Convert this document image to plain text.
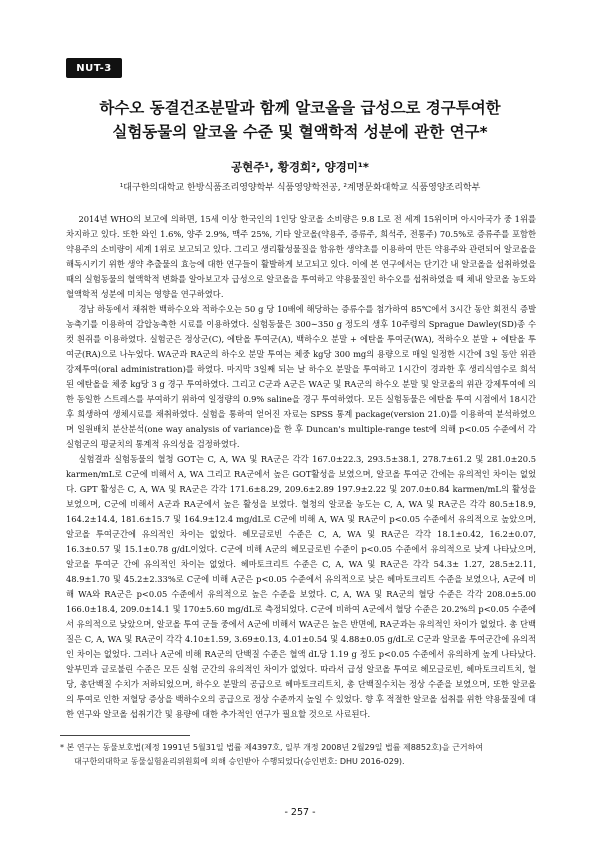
NUT-3
하수오 동결건조분말과 함께 알코올을 급성으로 경구투여한
실험동물의 알코올 수준 및 혈액학적 성분에 관한 연구*
공현주¹, 황경희², 양경미¹*
¹대구한의대학교 한방식품조리영양학부 식품영양학전공, ²계명문화대학교 식품영양조리학부

2014년 WHO의 보고에 의하면, 15세 이상 한국인의 1인당 알코올 소비량은 9.8 L로 전 세계 15위이며 아시아국가 중 1위를 차지하고 있다. 또한 와인 1.6%, 양주 2.9%, 맥주 25%, 기타 알코올(약용주, 증류주, 희석주, 전통주) 70.5%로 증류주를 포함한 약용주의 소비량이 세계 1위로 보고되고 있다. 그리고 생리활성물질을 함유한 생약초를 이용하여 만든 약용주와 관련되어 알코올을 해독시키기 위한 생약 추출물의 효능에 대한 연구들이 활발하게 보고되고 있다. 이에 본 연구에서는 단기간 내 알코올을 섭취하였을 때의 실험동물의 혈액학적 변화를 알아보고자 급성으로 알코올을 투여하고 약용물질인 하수오를 섭취하였을 때 체내 알코올 농도와 혈액학적 성분에 미치는 영향을 연구하였다.

경남 하동에서 채취한 백하수오와 적하수오는 50 g 당 10배에 해당하는 증류수를 첨가하여 85℃에서 3시간 동안 회전식 증발농축기를 이용하여 감압농축한 시료를 이용하였다. 실험동물은 300∼350 g 정도의 생후 10주령의 Sprague Dawley(SD)종 수컷 흰쥐를 이용하였다. 실험군은 정상군(C), 에탄올 투여군(A), 백하수오 분말 + 에탄올 투여군(WA), 적하수오 분말 + 에탄올 투여군(RA)으로 나누었다. WA군과 RA군의 하수오 분말 투여는 체중 kg당 300 mg의 용량으로 매일 일정한 시간에 3일 동안 위관 강제투여(oral administration)를 하였다. 마지막 3일째 되는 날 하수오 분말을 투여하고 1시간이 경과한 후 생리식염수로 희석된 에탄올을 체중 kg당 3 g 경구 투여하였다. 그리고 C군과 A군은 WA군 및 RA군의 하수오 분말 및 알코올의 위관 강제투여에 의한 동일한 스트레스를 부여하기 위하여 일정량의 0.9% saline을 경구 투여하였다. 모든 실험동물은 에탄올 투여 시점에서 18시간 후 희생하여 생체시료를 채취하였다. 실험을 통하여 얻어진 자료는 SPSS 통계 package(version 21.0)를 이용하여 분석하였으며 일원배치 분산분석(one way analysis of variance)을 한 후 Duncan's multiple-range test에 의해 p<0.05 수준에서 각 실험군의 평균치의 통계적 유의성을 검정하였다.

실험결과 실험동물의 혈청 GOT는 C, A, WA 및 RA군은 각각 167.0±22.3, 293.5±38.1, 278.7±61.2 및 281.0±20.5 karmen/mL로 C군에 비해서 A, WA 그리고 RA군에서 높은 GOT활성을 보였으며, 알코올 투여군 간에는 유의적인 차이는 없었다. GPT 활성은 C, A, WA 및 RA군은 각각 171.6±8.29, 209.6±2.89 197.9±2.22 및 207.0±0.84 karmen/mL의 활성을 보였으며, C군에 비해서 A군과 RA군에서 높은 활성을 보였다. 혈청의 알코올 농도는 C, A, WA 및 RA군은 각각 80.5±18.9, 164.2±14.4, 181.6±15.7 및 164.9±12.4 mg/dL로 C군에 비해 A, WA 및 RA군이 p<0.05 수준에서 유의적으로 높았으며, 알코올 투여군간에 유의적인 차이는 없었다. 헤모글로빈 수준은 C, A, WA 및 RA군은 각각 18.1±0.42, 16.2±0.07, 16.3±0.57 및 15.1±0.78 g/dL이었다. C군에 비해 A군의 헤모글로빈 수준이 p<0.05 수준에서 유의적으로 낮게 나타났으며, 알코올 투여군 간에 유의적인 차이는 없었다. 헤마토크리트 수준은 C, A, WA 및 RA군은 각각 54.3± 1.27, 28.5±2.11, 48.9±1.70 및 45.2±2.33%로 C군에 비해 A군은 p<0.05 수준에서 유의적으로 낮은 헤마토크리트 수준을 보였으나, A군에 비해 WA와 RA군은 p<0.05 수준에서 유의적으로 높은 수준을 보였다. C, A, WA 및 RA군의 혈당 수준은 각각 208.0±5.00 166.0±18.4, 209.0±14.1 및 170±5.60 mg/dL로 측정되었다. C군에 비하여 A군에서 혈당 수준은 20.2%의 p<0.05 수준에서 유의적으로 낮았으며, 알코올 투여 군들 중에서 A군에 비해서 WA군은 높은 반면에, RA군과는 유의적인 차이가 없었다. 총 단백질은 C, A, WA 및 RA군이 각각 4.10±1.59, 3.69±0.13, 4.01±0.54 및 4.88±0.05 g/dL로 C군과 알코올 투여군간에 유의적인 차이는 없었다. 그러나 A군에 비해 RA군의 단백질 수준은 혈액 dL당 1.19 g 정도 p<0.05 수준에서 유의하게 높게 나타났다. 알부민과 글로불린 수준은 모든 실험 군간의 유의적인 차이가 없었다. 따라서 급성 알코올 투여로 헤모글로빈, 헤마토크리트치, 혈당, 총단백질 수치가 저하되었으며, 하수오 분말의 공급으로 헤마토크리트치, 총 단백질수치는 정상 수준을 보였으며, 또한 알코올의 투여로 인한 저혈당 증상을 백하수오의 공급으로 정상 수준까지 높일 수 있었다. 향 후 적절한 알코올 섭취를 위한 약용물질에 대한 연구와 알코올 섭취기간 및 용량에 대한 추가적인 연구가 필요할 것으로 사료된다.

* 본 연구는 동물보호법(제정 1991년 5월31일 법률 제4397호, 일부 개정 2008년 2월29일 법률 제8852호)을 근거하여
대구한의대학교 동물실험윤리위원회에 의해 승인받아 수행되었다(승인번호: DHU 2016-029).
- 257 -
